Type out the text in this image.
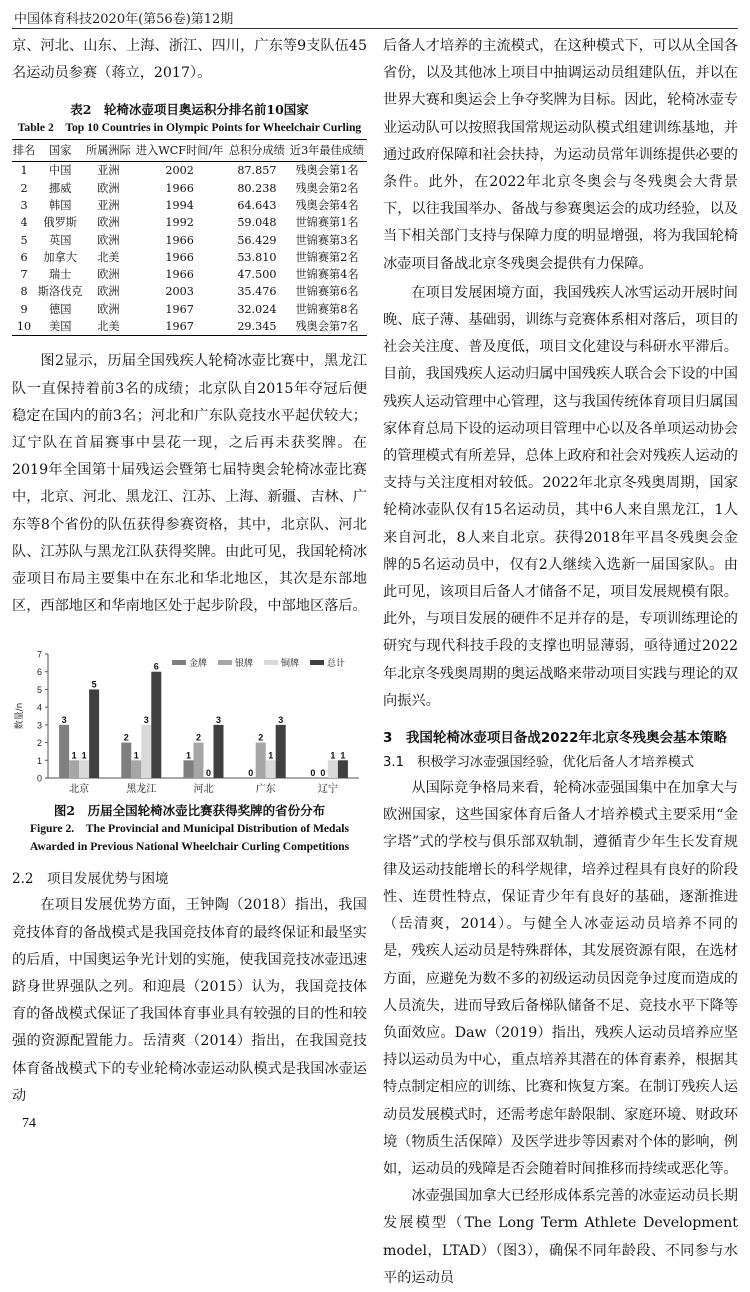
中国体育科技2020年(第56卷)第12期

京、河北、山东、上海、浙江、四川，广东等9支队伍45名运动员参赛（蒋立，2017）。

表2　轮椅冰壶项目奥运积分排名前10国家
Table 2　Top 10 Countries in Olympic Points for Wheelchair Curling
排名	国家	所属洲际	进入WCF时间/年	总积分成绩	近3年最佳成绩
1	中国	亚洲	2002	87.857	残奥会第1名
2	挪威	欧洲	1966	80.238	残奥会第2名
3	韩国	亚洲	1994	64.643	残奥会第4名
4	俄罗斯	欧洲	1992	59.048	世锦赛第1名
5	英国	欧洲	1966	56.429	世锦赛第3名
6	加拿大	北美	1966	53.810	世锦赛第2名
7	瑞士	欧洲	1966	47.500	世锦赛第4名
8	斯洛伐克	欧洲	2003	35.476	世锦赛第6名
9	德国	欧洲	1967	32.024	世锦赛第8名
10	美国	北美	1967	29.345	残奥会第7名

图2显示，历届全国残疾人轮椅冰壶比赛中，黑龙江队一直保持着前3名的成绩；北京队自2015年夺冠后便稳定在国内的前3名；河北和广东队竞技水平起伏较大；辽宁队在首届赛事中昙花一现，之后再未获奖牌。在2019年全国第十届残运会暨第七届特奥会轮椅冰壶比赛中，北京、河北、黑龙江、江苏、上海、新疆、吉林、广东等8个省份的队伍获得参赛资格，其中，北京队、河北队、江苏队与黑龙江队获得奖牌。由此可见，我国轮椅冰壶项目布局主要集中在东北和华北地区，其次是东部地区，西部地区和华南地区处于起步阶段，中部地区落后。

0
1
2
3
4
5
6
7
数量/n	3
1 1
5
北京
2
1
3
6
黑龙江
1
2
0
3
河北
0
2
1
3
广东
0 0
1 1
辽宁
金牌	银牌	铜牌	总计
图2　历届全国轮椅冰壶比赛获得奖牌的省份分布
Figure 2.　The Provincial and Municipal Distribution of Medals Awarded in Previous National Wheelchair Curling Competitions
2.2　项目发展优势与困境

在项目发展优势方面，王钟陶（2018）指出，我国竞技体育的备战模式是我国竞技体育的最终保证和最坚实的后盾，中国奥运争光计划的实施，使我国竞技冰壶迅速跻身世界强队之列。和迎晨（2015）认为，我国竞技体育的备战模式保证了我国体育事业具有较强的目的性和较强的资源配置能力。岳清爽（2014）指出，在我国竞技体育备战模式下的专业轮椅冰壶运动队模式是我国冰壶运动

后备人才培养的主流模式，在这种模式下，可以从全国各省份，以及其他冰上项目中抽调运动员组建队伍，并以在世界大赛和奥运会上争夺奖牌为目标。因此，轮椅冰壶专业运动队可以按照我国常规运动队模式组建训练基地，并通过政府保障和社会扶持，为运动员常年训练提供必要的条件。此外，在2022年北京冬奥会与冬残奥会大背景下，以往我国举办、备战与参赛奥运会的成功经验，以及当下相关部门支持与保障力度的明显增强，将为我国轮椅冰壶项目备战北京冬残奥会提供有力保障。

在项目发展困境方面，我国残疾人冰雪运动开展时间晚、底子薄、基础弱，训练与竞赛体系相对落后，项目的社会关注度、普及度低，项目文化建设与科研水平滞后。目前，我国残疾人运动归属中国残疾人联合会下设的中国残疾人运动管理中心管理，这与我国传统体育项目归属国家体育总局下设的运动项目管理中心以及各单项运动协会的管理模式有所差异，总体上政府和社会对残疾人运动的支持与关注度相对较低。2022年北京冬残奥周期，国家轮椅冰壶队仅有15名运动员，其中6人来自黑龙江，1人来自河北，8人来自北京。获得2018年平昌冬残奥会金牌的5名运动员中，仅有2人继续入选新一届国家队。由此可见，该项目后备人才储备不足，项目发展规模有限。此外，与项目发展的硬件不足并存的是，专项训练理论的研究与现代科技手段的支撑也明显薄弱，亟待通过2022年北京冬残奥周期的奥运战略来带动项目实践与理论的双向振兴。

3　我国轮椅冰壶项目备战2022年北京冬残奥会基本策略
3.1　积极学习冰壶强国经验，优化后备人才培养模式

从国际竞争格局来看，轮椅冰壶强国集中在加拿大与欧洲国家，这些国家体育后备人才培养模式主要采用“金字塔”式的学校与俱乐部双轨制，遵循青少年生长发育规律及运动技能增长的科学规律，培养过程具有良好的阶段性、连贯性特点，保证青少年有良好的基础，逐渐推进（岳清爽，2014）。与健全人冰壶运动员培养不同的是，残疾人运动员是特殊群体，其发展资源有限，在选材方面，应避免为数不多的初级运动员因竞争过度而造成的人员流失，进而导致后备梯队储备不足、竞技水平下降等负面效应。Daw（2019）指出，残疾人运动员培养应坚持以运动员为中心，重点培养其潜在的体育素养，根据其特点制定相应的训练、比赛和恢复方案。在制订残疾人运动员发展模式时，还需考虑年龄限制、家庭环境、财政环境（物质生活保障）及医学进步等因素对个体的影响，例如，运动员的残障是否会随着时间推移而持续或恶化等。

冰壶强国加拿大已经形成体系完善的冰壶运动员长期发展模型（The Long Term Athlete Development model，LTAD）（图3），确保不同年龄段、不同参与水平的运动员

74
